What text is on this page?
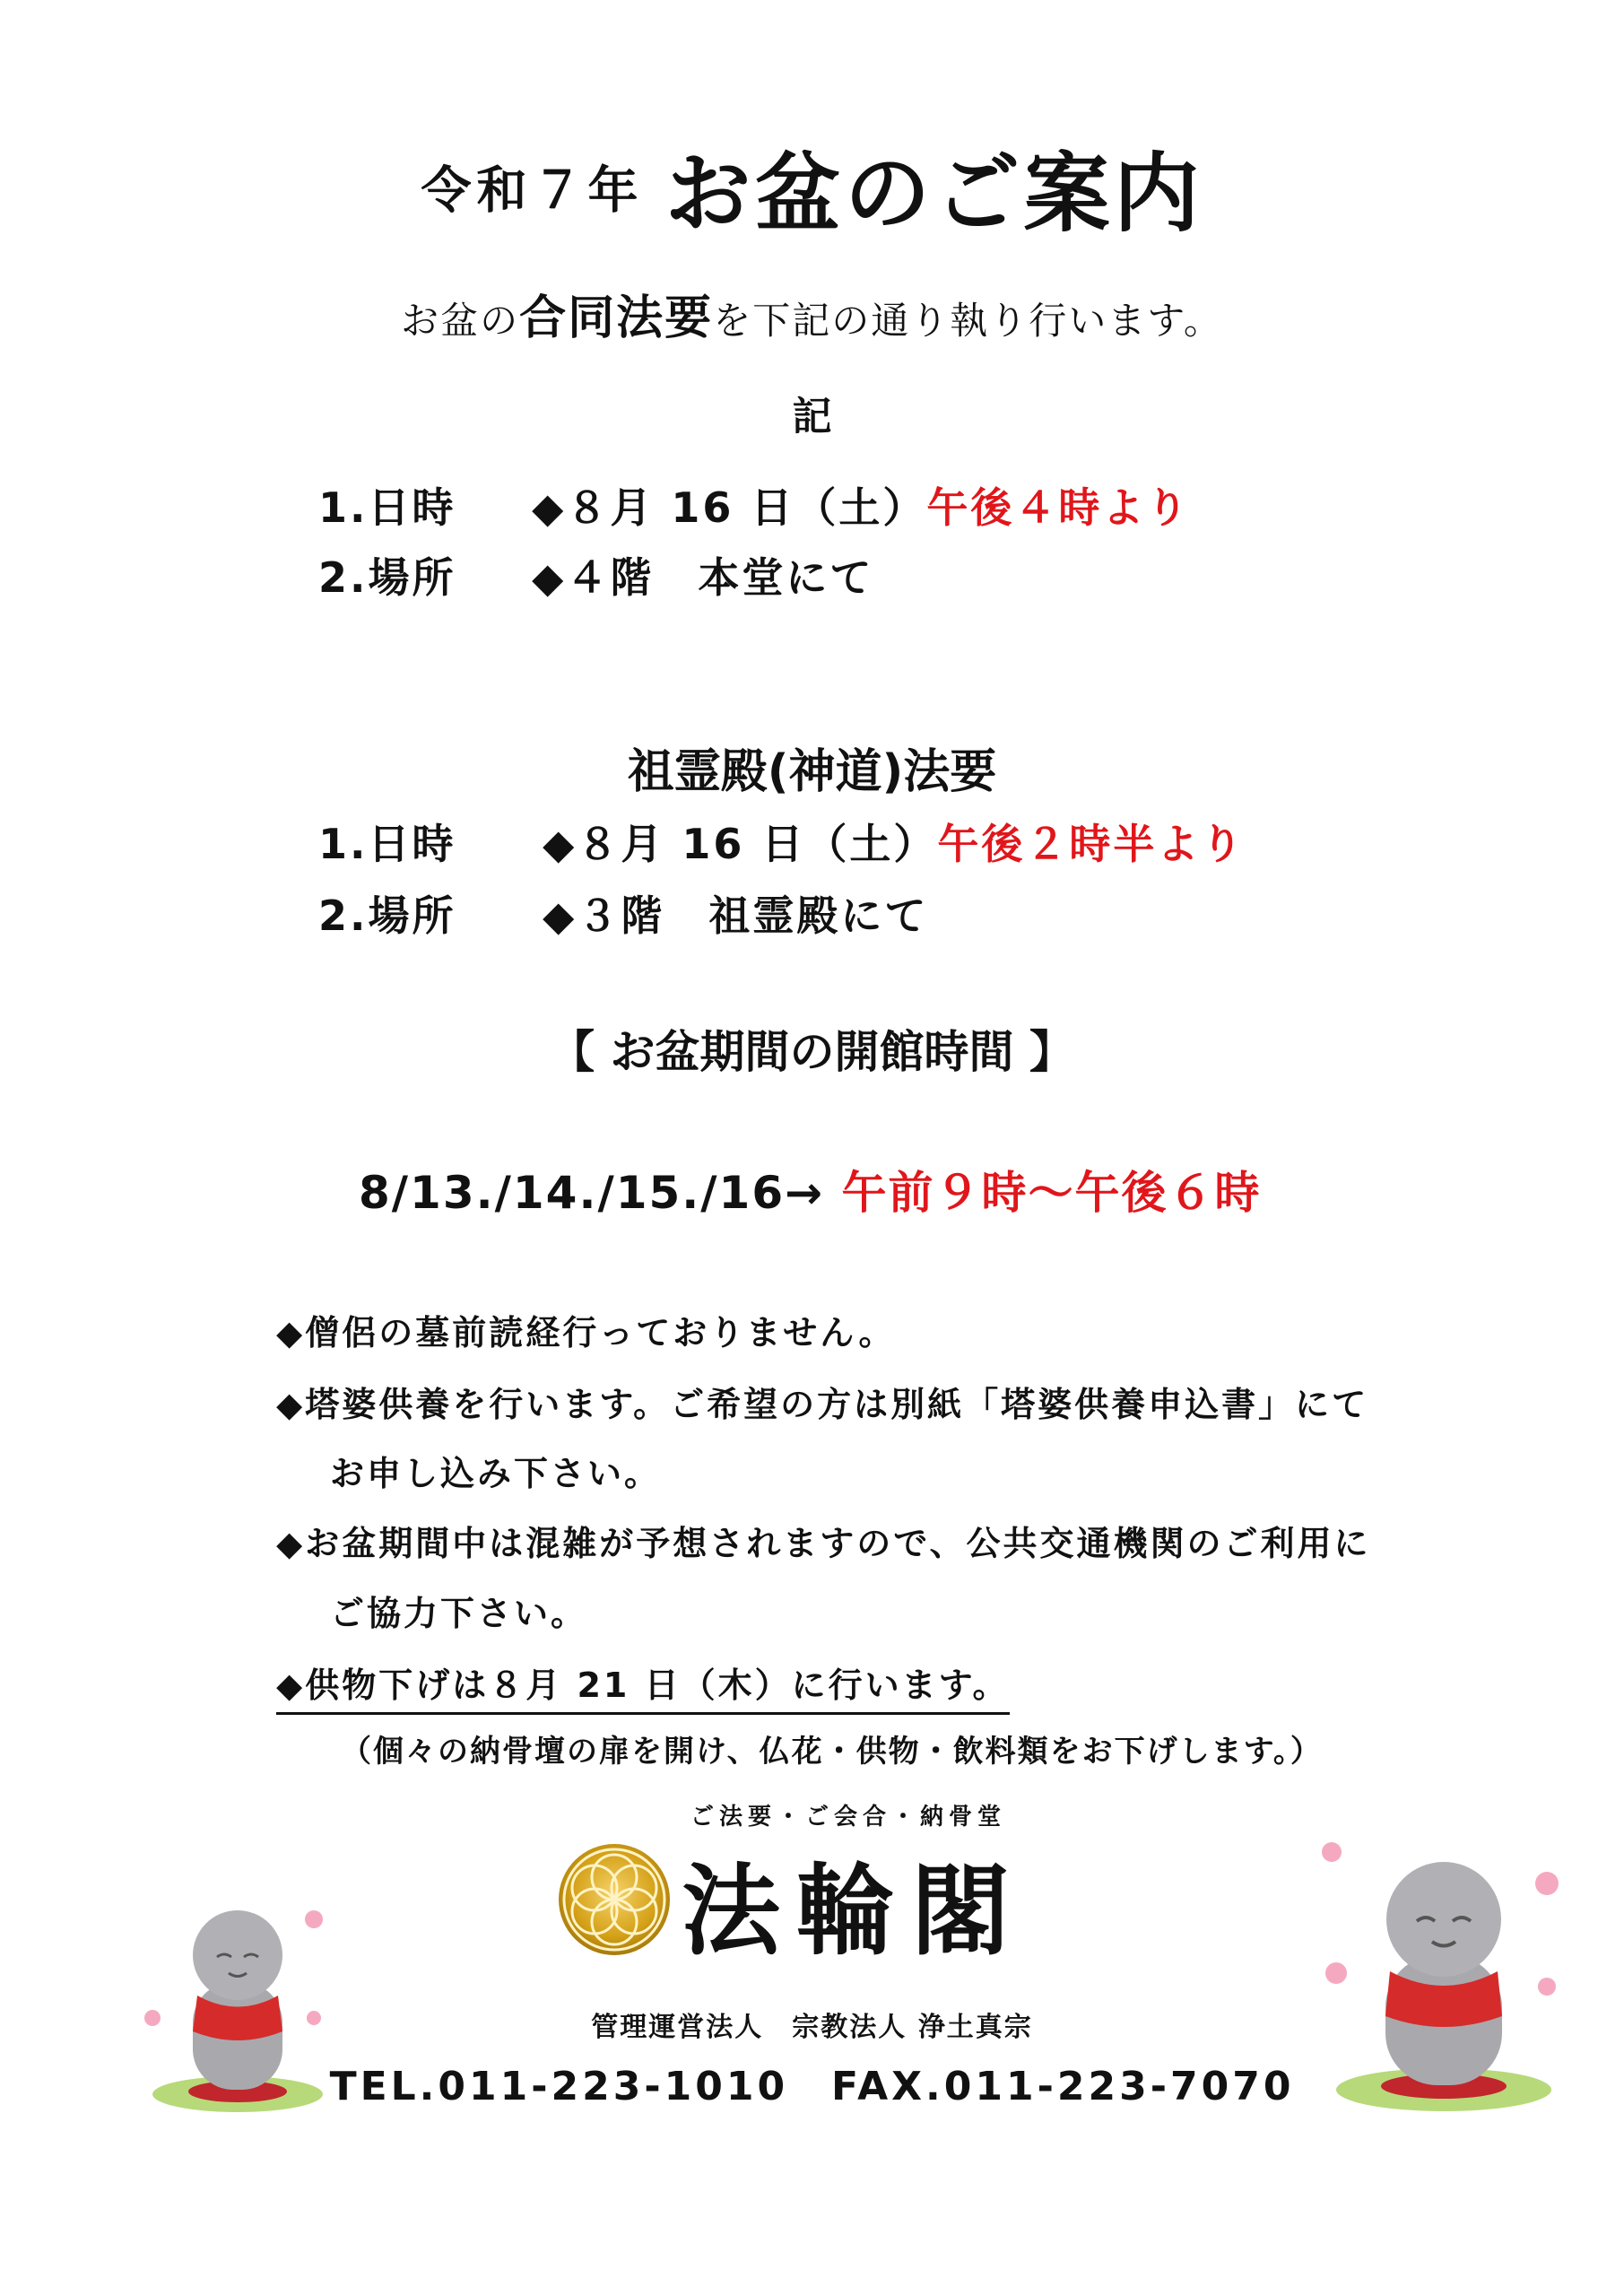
令和７年 お盆のご案内
お盆の合同法要を下記の通り執り行います。
記
1.日時 ◆８月 16 日（土）午後４時より
2.場所 ◆４階　本堂にて
祖霊殿(神道)法要
1.日時 ◆８月 16 日（土）午後２時半より
2.場所 ◆３階　祖霊殿にて
【 お盆期間の開館時間 】
8/13./14./15./16→ 午前９時～午後６時
◆僧侶の墓前読経行っておりません。
◆塔婆供養を行います。ご希望の方は別紙「塔婆供養申込書」にて
お申し込み下さい。
◆お盆期間中は混雑が予想されますので、公共交通機関のご利用に
ご協力下さい。
◆供物下げは８月 21 日（木）に行います。
（個々の納骨壇の扉を開け、仏花・供物・飲料類をお下げします。）
ご法要・ご会合・納骨堂
法輪閣
管理運営法人　宗教法人 浄土真宗
TEL.011-223-1010　FAX.011-223-7070
